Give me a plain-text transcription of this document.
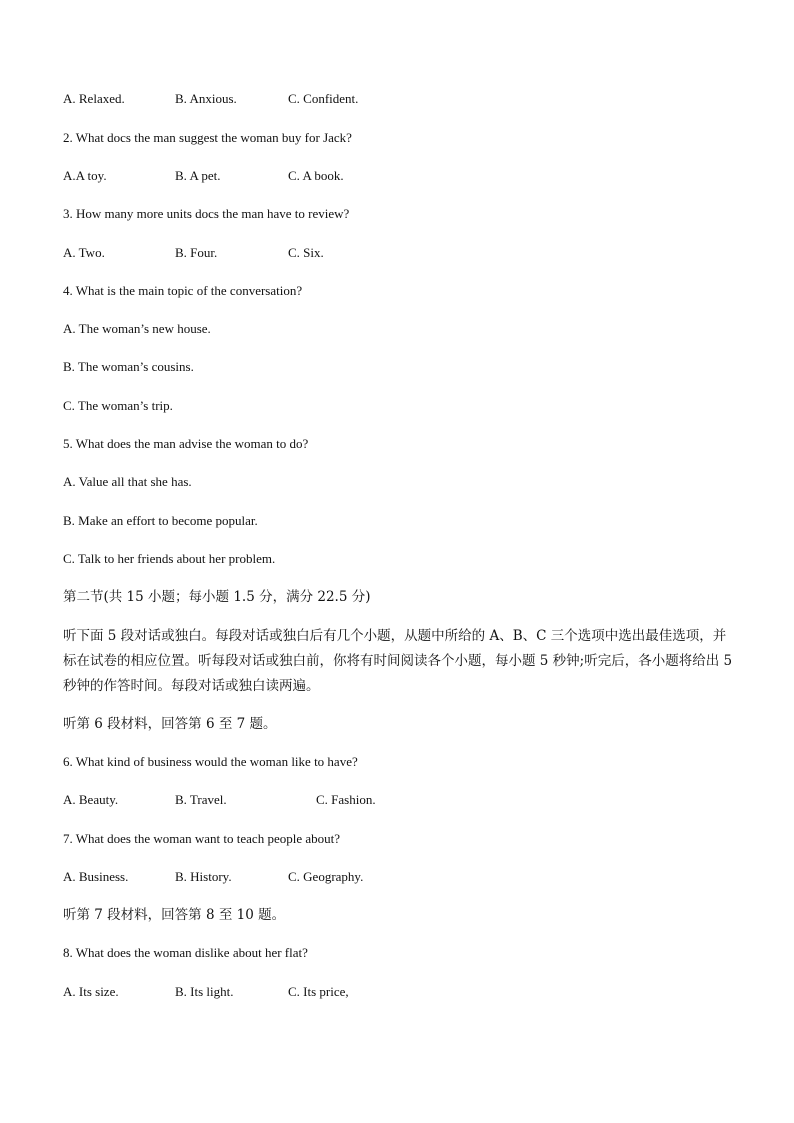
A. Relaxed.	B. Anxious.	C. Confident.
2. What docs the man suggest the woman buy for Jack?
A.A toy.	B. A pet.	C. A book.
3. How many more units docs the man have to review?
A. Two.	B. Four.	C. Six.
4. What is the main topic of the conversation?
A. The woman’s new house.
B. The woman’s cousins.
C. The woman’s trip.
5. What does the man advise the woman to do?
A. Value all that she has.
B. Make an effort to become popular.
C. Talk to her friends about her problem.
第二节(共 15 小题；每小题 1.5 分，满分 22.5 分)
听下面 5 段对话或独白。每段对话或独白后有几个小题，从题中所给的 A、B、C 三个选项中选出最佳选项，并标在试卷的相应位置。听每段对话或独白前，你将有时间阅读各个小题，每小题 5 秒钟;听完后，各小题将给出 5 秒钟的作答时间。每段对话或独白读两遍。
听第 6 段材料，回答第 6 至 7 题。
6. What kind of business would the woman like to have?
A. Beauty.	B. Travel.	C. Fashion.
7. What does the woman want to teach people about?
A. Business.	B. History.	C. Geography.
听第 7 段材料，回答第 8 至 10 题。
8. What does the woman dislike about her flat?
A. Its size.	B. Its light.	C. Its price,
